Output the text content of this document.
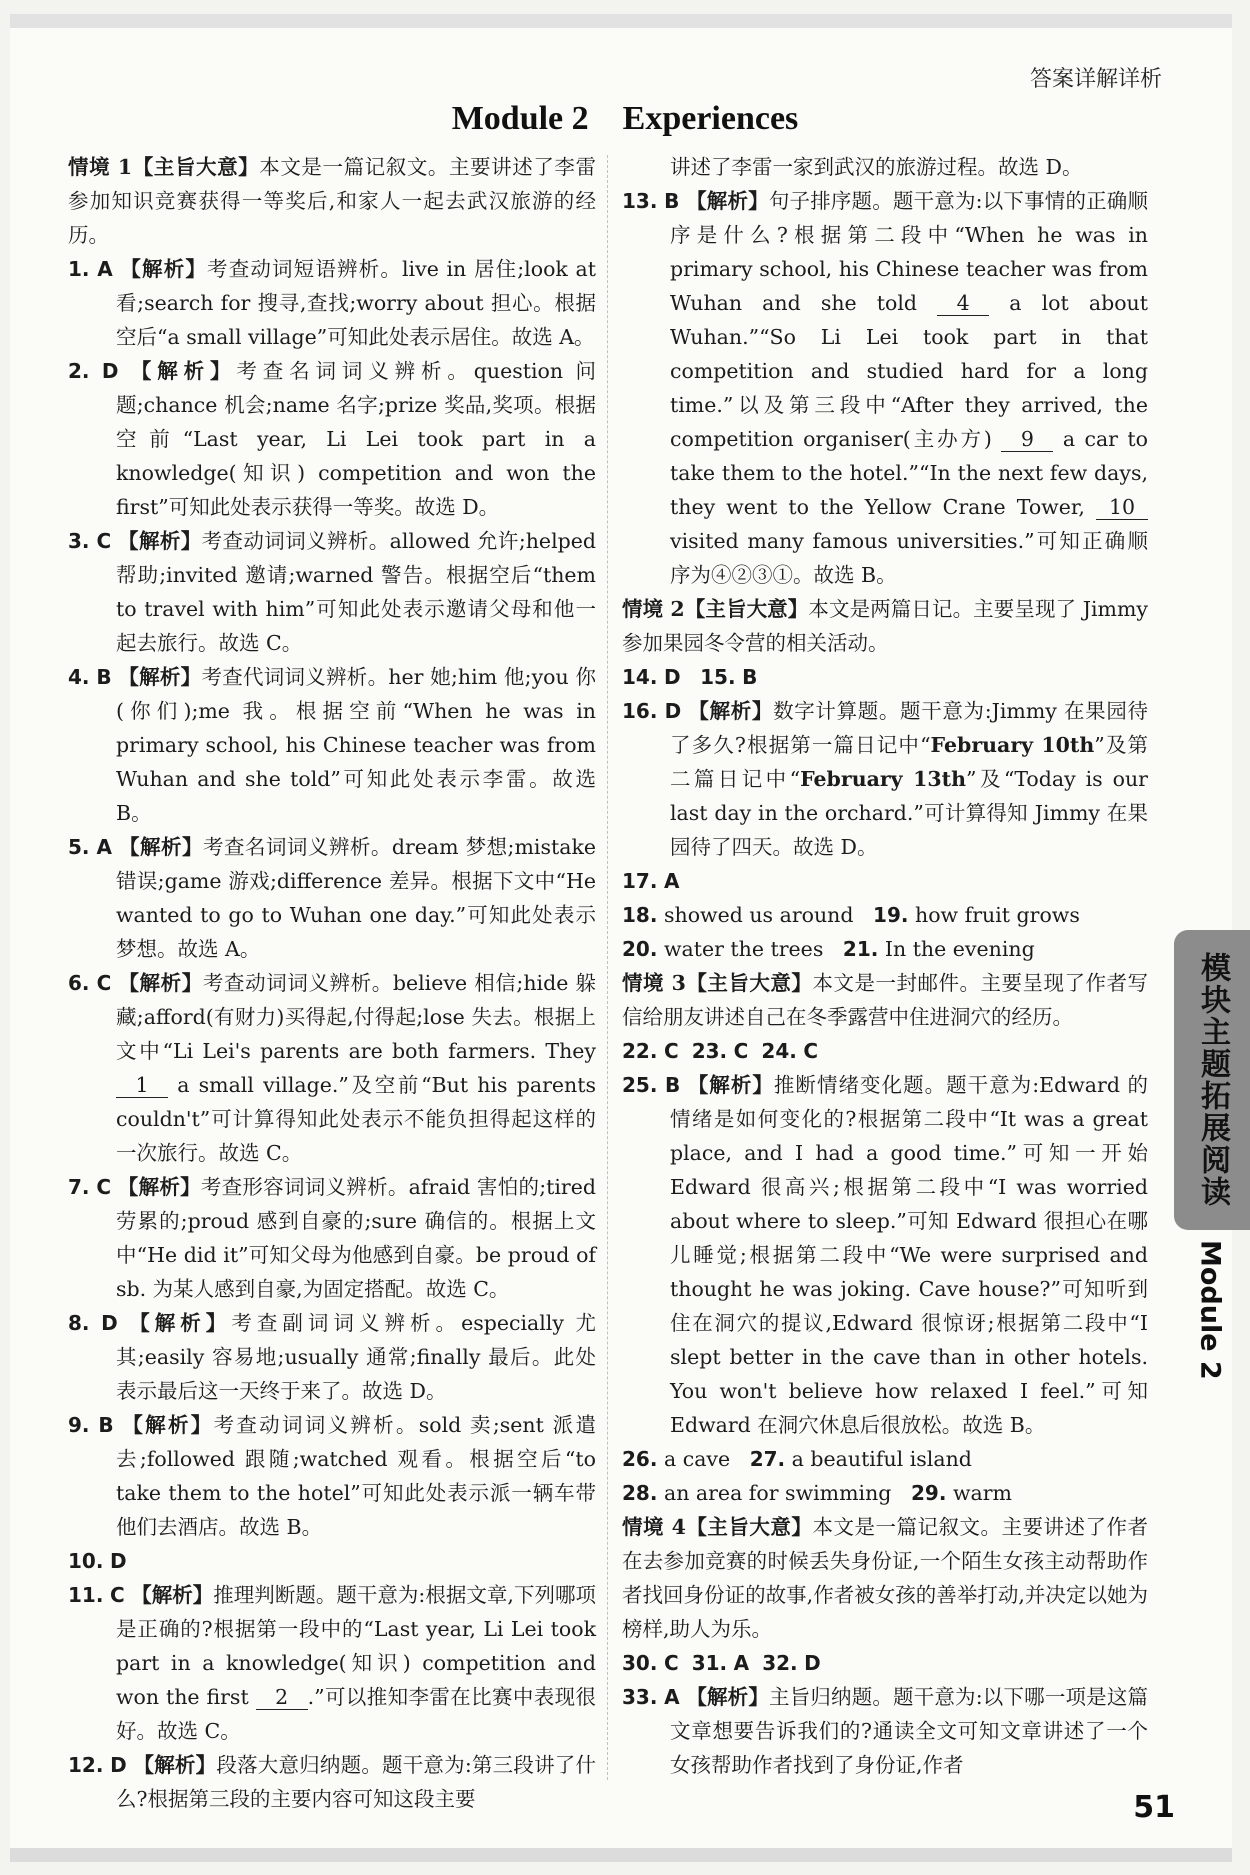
答案详解详析
Module 2    Experiences
情境 1【主旨大意】本文是一篇记叙文。主要讲述了李雷参加知识竞赛获得一等奖后,和家人一起去武汉旅游的经历。
1. A 【解析】考查动词短语辨析。live in 居住;look at 看;search for 搜寻,查找;worry about 担心。根据空后“a small village”可知此处表示居住。故选 A。
2. D 【解析】考查名词词义辨析。question 问题;chance 机会;name 名字;prize 奖品,奖项。根据空前“Last year, Li Lei took part in a knowledge(知识) competition and won the first”可知此处表示获得一等奖。故选 D。
3. C 【解析】考查动词词义辨析。allowed 允许;helped 帮助;invited 邀请;warned 警告。根据空后“them to travel with him”可知此处表示邀请父母和他一起去旅行。故选 C。
4. B 【解析】考查代词词义辨析。her 她;him 他;you 你(你们);me 我。根据空前“When he was in primary school, his Chinese teacher was from Wuhan and she told”可知此处表示李雷。故选 B。
5. A 【解析】考查名词词义辨析。dream 梦想;mistake 错误;game 游戏;difference 差异。根据下文中“He wanted to go to Wuhan one day.”可知此处表示梦想。故选 A。
6. C 【解析】考查动词词义辨析。believe 相信;hide 躲藏;afford(有财力)买得起,付得起;lose 失去。根据上文中“Li Lei's parents are both farmers. They 1 a small village.”及空前“But his parents couldn't”可计算得知此处表示不能负担得起这样的一次旅行。故选 C。
7. C 【解析】考查形容词词义辨析。afraid 害怕的;tired 劳累的;proud 感到自豪的;sure 确信的。根据上文中“He did it”可知父母为他感到自豪。be proud of sb. 为某人感到自豪,为固定搭配。故选 C。
8. D 【解析】考查副词词义辨析。especially 尤其;easily 容易地;usually 通常;finally 最后。此处表示最后这一天终于来了。故选 D。
9. B 【解析】考查动词词义辨析。sold 卖;sent 派遣去;followed 跟随;watched 观看。根据空后“to take them to the hotel”可知此处表示派一辆车带他们去酒店。故选 B。
10. D
11. C 【解析】推理判断题。题干意为:根据文章,下列哪项是正确的?根据第一段中的“Last year, Li Lei took part in a knowledge(知识) competition and won the first 2 .”可以推知李雷在比赛中表现很好。故选 C。
12. D 【解析】段落大意归纳题。题干意为:第三段讲了什么?根据第三段的主要内容可知这段主要
讲述了李雷一家到武汉的旅游过程。故选 D。
13. B 【解析】句子排序题。题干意为:以下事情的正确顺序是什么?根据第二段中“When he was in primary school, his Chinese teacher was from Wuhan and she told 4 a lot about Wuhan.”“So Li Lei took part in that competition and studied hard for a long time.”以及第三段中“After they arrived, the competition organiser(主办方) 9 a car to take them to the hotel.”“In the next few days, they went to the Yellow Crane Tower, 10 visited many famous universities.”可知正确顺序为④②③①。故选 B。
情境 2【主旨大意】本文是两篇日记。主要呈现了 Jimmy 参加果园冬令营的相关活动。
14. D 15. B
16. D 【解析】数字计算题。题干意为:Jimmy 在果园待了多久?根据第一篇日记中“February 10th”及第二篇日记中“February 13th”及“Today is our last day in the orchard.”可计算得知 Jimmy 在果园待了四天。故选 D。
17. A
18. showed us around 19. how fruit grows
20. water the trees 21. In the evening
情境 3【主旨大意】本文是一封邮件。主要呈现了作者写信给朋友讲述自己在冬季露营中住进洞穴的经历。
22. C 23. C 24. C
25. B 【解析】推断情绪变化题。题干意为:Edward 的情绪是如何变化的?根据第二段中“It was a great place, and I had a good time.”可知一开始 Edward 很高兴;根据第二段中“I was worried about where to sleep.”可知 Edward 很担心在哪儿睡觉;根据第二段中“We were surprised and thought he was joking. Cave house?”可知听到住在洞穴的提议,Edward 很惊讶;根据第二段中“I slept better in the cave than in other hotels. You won't believe how relaxed I feel.”可知 Edward 在洞穴休息后很放松。故选 B。
26. a cave 27. a beautiful island
28. an area for swimming 29. warm
情境 4【主旨大意】本文是一篇记叙文。主要讲述了作者在去参加竞赛的时候丢失身份证,一个陌生女孩主动帮助作者找回身份证的故事,作者被女孩的善举打动,并决定以她为榜样,助人为乐。
30. C 31. A 32. D
33. A 【解析】主旨归纳题。题干意为:以下哪一项是这篇文章想要告诉我们的?通读全文可知文章讲述了一个女孩帮助作者找到了身份证,作者
模块主题拓展阅读
Module 2
51
